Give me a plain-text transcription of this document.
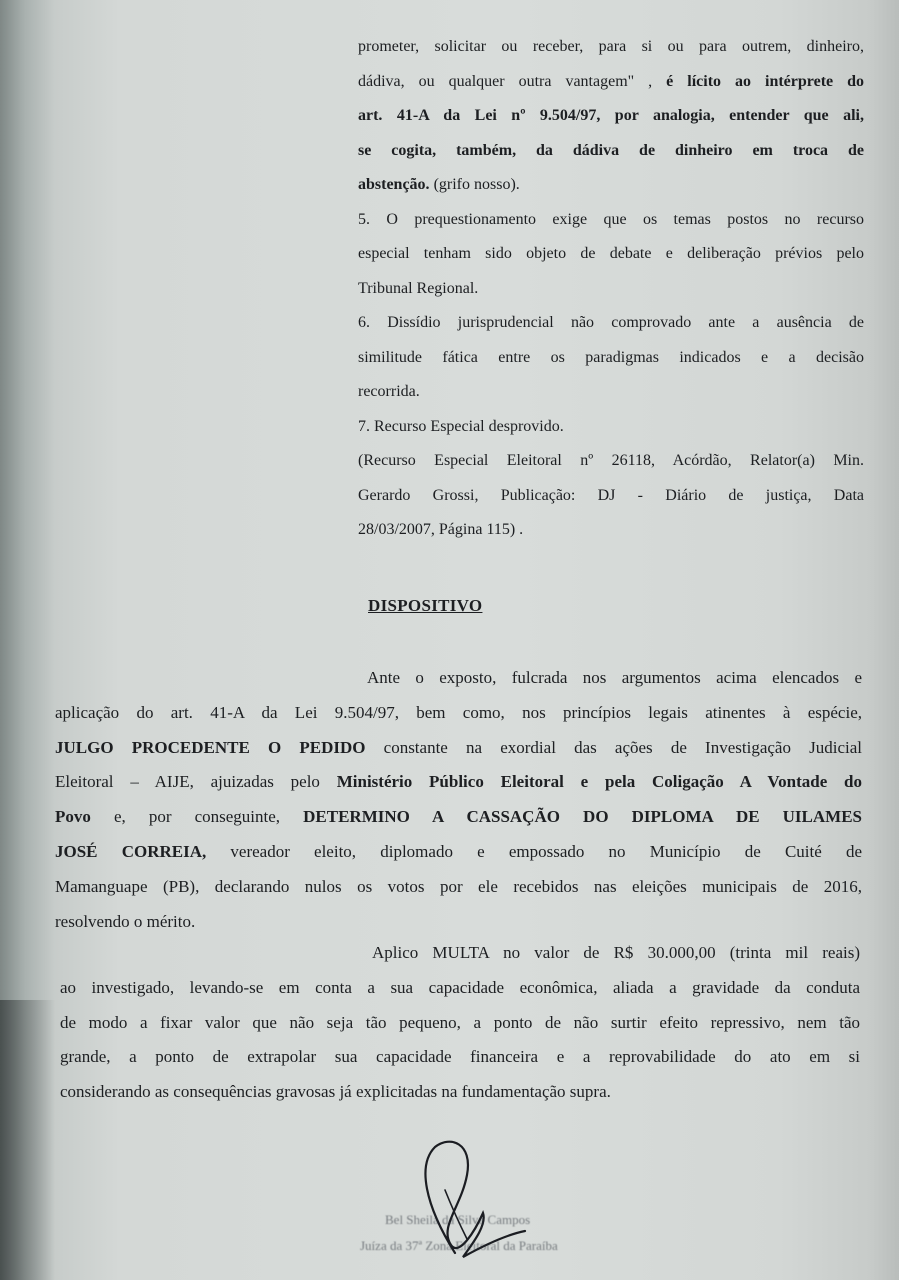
prometer, solicitar ou receber, para si ou para outrem, dinheiro,

dádiva, ou qualquer outra vantagem" , é lícito ao intérprete do

art. 41-A da Lei nº 9.504/97, por analogia, entender que ali,

se cogita, também, da dádiva de dinheiro em troca de

abstenção. (grifo nosso).

5. O prequestionamento exige que os temas postos no recurso

especial tenham sido objeto de debate e deliberação prévios pelo

Tribunal Regional.

6. Dissídio jurisprudencial não comprovado ante a ausência de

similitude fática entre os paradigmas indicados e a decisão

recorrida.

7. Recurso Especial desprovido.

(Recurso Especial Eleitoral nº 26118, Acórdão, Relator(a) Min.

Gerardo Grossi, Publicação: DJ - Diário de justiça, Data

28/03/2007, Página 115) .

DISPOSITIVO

Ante o exposto, fulcrada nos argumentos acima elencados e

aplicação do art. 41-A da Lei 9.504/97, bem como, nos princípios legais atinentes à espécie,

JULGO PROCEDENTE O PEDIDO constante na exordial das ações de Investigação Judicial

Eleitoral – AIJE, ajuizadas pelo Ministério Público Eleitoral e pela Coligação A Vontade do

Povo e, por conseguinte, DETERMINO A CASSAÇÃO DO DIPLOMA DE UILAMES

JOSÉ CORREIA, vereador eleito, diplomado e empossado no Município de Cuité de

Mamanguape (PB), declarando nulos os votos por ele recebidos nas eleições municipais de 2016,

resolvendo o mérito.

Aplico MULTA no valor de R$ 30.000,00 (trinta mil reais)

ao investigado, levando-se em conta a sua capacidade econômica, aliada a gravidade da conduta

de modo a fixar valor que não seja tão pequeno, a ponto de não surtir efeito repressivo, nem tão

grande, a ponto de extrapolar sua capacidade financeira e a reprovabilidade do ato em si

considerando as consequências gravosas já explicitadas na fundamentação supra.

Bel Sheila da Silva Campos
Juíza da 37ª Zona Eleitoral da Paraíba
